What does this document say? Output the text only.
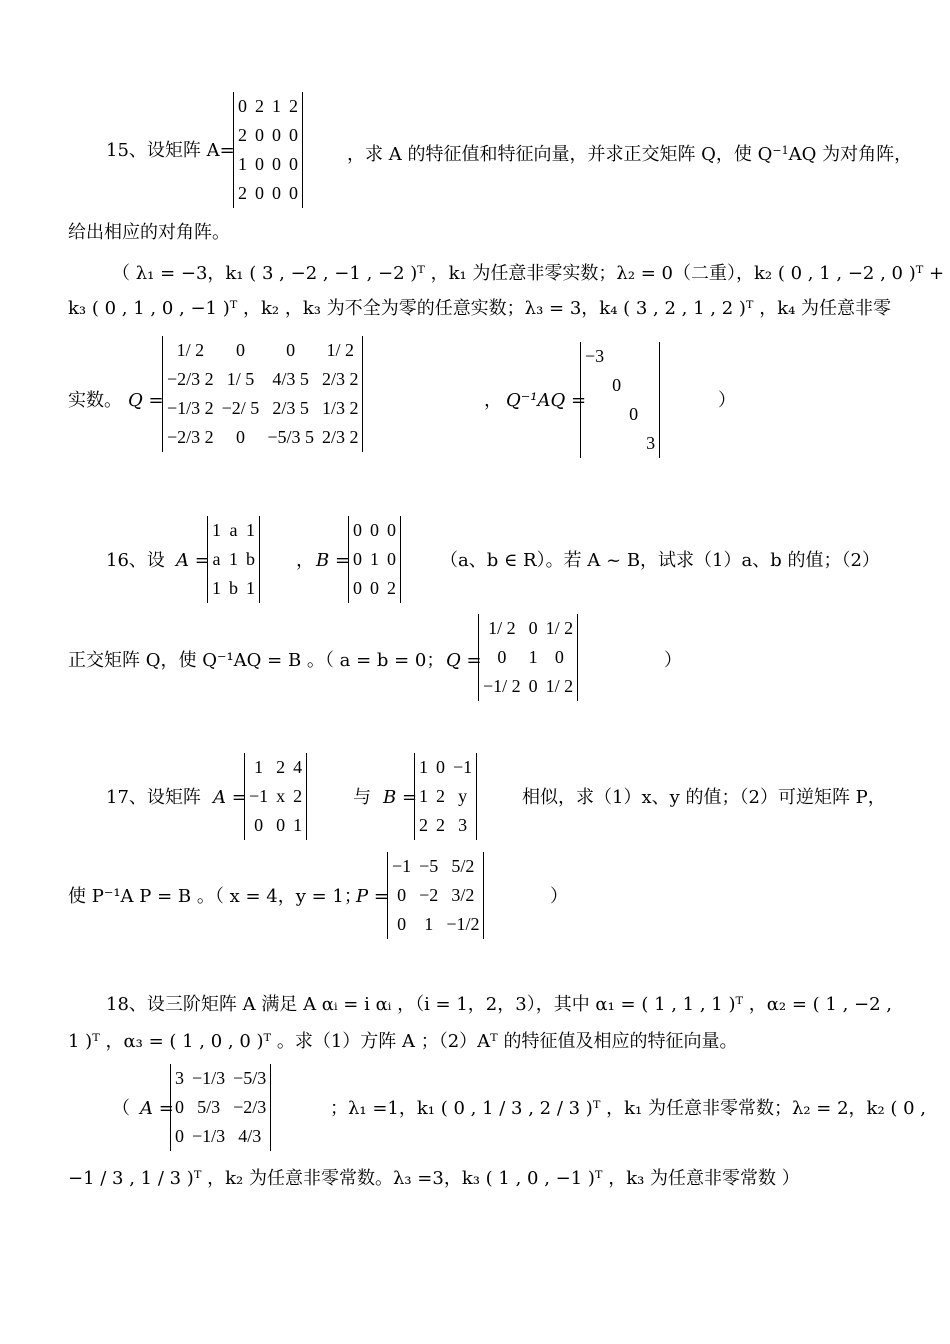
15、设矩阵 A=
0	2	1	2
2	0	0	0
1	0	0	0
2	0	0	0
，求 A 的特征值和特征向量，并求正交矩阵 Q，使 $Q^{-1}AQ$ 为对角阵，
给出相应的对角阵。
（ λ₁ = −3，k₁ ( 3 , −2 , −1 , −2 )ᵀ ，k₁ 为任意非零实数；λ₂ = 0（二重），k₂ ( 0 , 1 , −2 , 0 )ᵀ +
k₃ ( 0 , 1 , 0 , −1 )ᵀ ，k₂ ，k₃ 为不全为零的任意实数；λ₃ = 3，k₄ ( 3 , 2 , 1 , 2 )ᵀ ，k₄ 为任意非零
实数。 Q =
1/ 2	0	0	1/ 2
−2/3 2	1/ 5	4/3 5	2/3 2
−1/3 2	−2/ 5	2/3 5	1/3 2
−2/3 2	0	−5/3 5	2/3 2
， Q⁻¹AQ =
−3			
	0		
		0	
			3
）
16、设 A =
1	a	1
a	1	b
1	b	1
， B =
0	0	0
0	1	0
0	0	2
（a、b ∈ R）。若 A ~ B，试求（1）a、b 的值；（2）
正交矩阵 Q，使 Q⁻¹AQ = B 。（ a = b = 0； Q =
1/ 2	0	1/ 2
0	1	0
−1/ 2	0	1/ 2
）
17、设矩阵 A =
1	2	4
−1	x	2
0	0	1
与 B =
1	0	−1
1	2	y
2	2	3
相似，求（1）x、y 的值；（2）可逆矩阵 P，
使 P⁻¹A P = B 。（ x = 4，y = 1；
P =
−1	−5	5/2
0	−2	3/2
0	1	−1/2
）
18、设三阶矩阵 A 满足 A αᵢ = i αᵢ ，（i = 1，2，3），其中 α₁ = ( 1 , 1 , 1 )ᵀ ，α₂ = ( 1 , −2 ,
1 )ᵀ ，α₃ = ( 1 , 0 , 0 )ᵀ 。求（1）方阵 A ；（2）Aᵀ 的特征值及相应的特征向量。
（ A =
3	−1/3	−5/3
0	5/3	−2/3
0	−1/3	4/3
；λ₁ =1，k₁ ( 0 , 1 / 3 , 2 / 3 )ᵀ ，k₁ 为任意非零常数；λ₂ = 2，k₂ ( 0 ,
−1 / 3 , 1 / 3 )ᵀ ，k₂ 为任意非零常数。λ₃ =3，k₃ ( 1 , 0 , −1 )ᵀ ，k₃ 为任意非零常数 ）
